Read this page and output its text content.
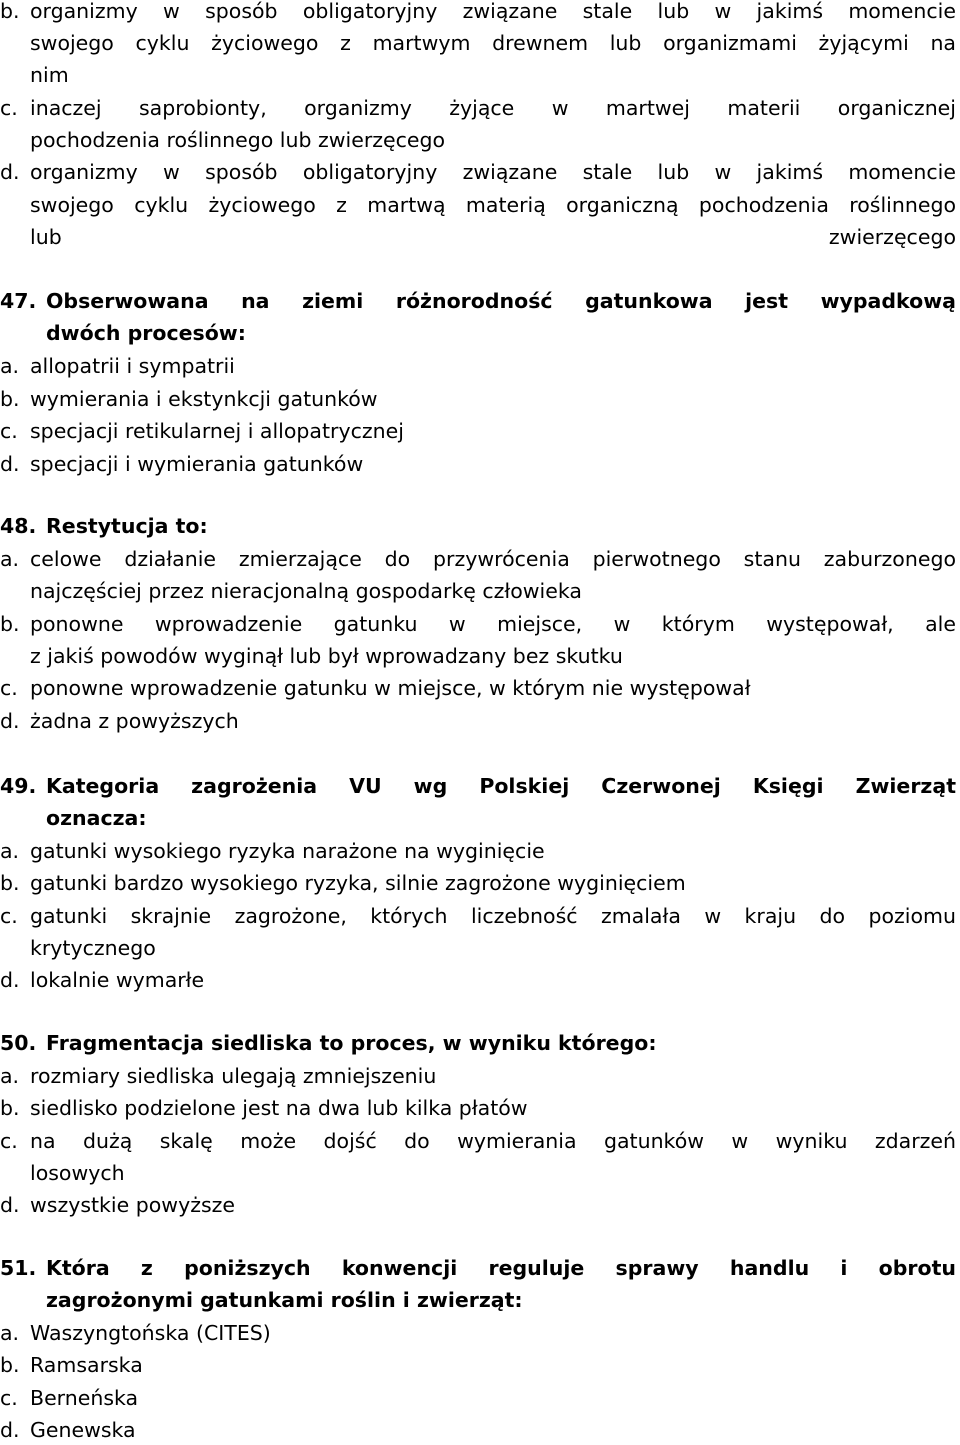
b. organizmy w sposób obligatoryjny związane stale lub w jakimś momencie
swojego cyklu życiowego z martwym drewnem lub organizmami żyjącymi na
nim
c. inaczej saprobionty, organizmy żyjące w martwej materii organicznej
pochodzenia roślinnego lub zwierzęcego
d. organizmy w sposób obligatoryjny związane stale lub w jakimś momencie
swojego cyklu życiowego z martwą materią organiczną pochodzenia roślinnego
lub	zwierzęcego
47. Obserwowana na ziemi różnorodność gatunkowa jest wypadkową
dwóch procesów:
a. allopatrii i sympatrii
b. wymierania i ekstynkcji gatunków
c. specjacji retikularnej i allopatrycznej
d. specjacji i wymierania gatunków
48. Restytucja to:
a. celowe działanie zmierzające do przywrócenia pierwotnego stanu zaburzonego
najczęściej przez nieracjonalną gospodarkę człowieka
b. ponowne wprowadzenie gatunku w miejsce, w którym występował, ale
z jakiś powodów wyginął lub był wprowadzany bez skutku
c. ponowne wprowadzenie gatunku w miejsce, w którym nie występował
d. żadna z powyższych
49. Kategoria zagrożenia VU wg Polskiej Czerwonej Księgi Zwierząt
oznacza:
a. gatunki wysokiego ryzyka narażone na wyginięcie
b. gatunki bardzo wysokiego ryzyka, silnie zagrożone wyginięciem
c. gatunki skrajnie zagrożone, których liczebność zmalała w kraju do poziomu
krytycznego
d. lokalnie wymarłe
50. Fragmentacja siedliska to proces, w wyniku którego:
a. rozmiary siedliska ulegają zmniejszeniu
b. siedlisko podzielone jest na dwa lub kilka płatów
c. na dużą skalę może dojść do wymierania gatunków w wyniku zdarzeń
losowych
d. wszystkie powyższe
51. Która z poniższych konwencji reguluje sprawy handlu i obrotu
zagrożonymi gatunkami roślin i zwierząt:
a. Waszyngtońska (CITES)
b. Ramsarska
c. Berneńska
d. Genewska
